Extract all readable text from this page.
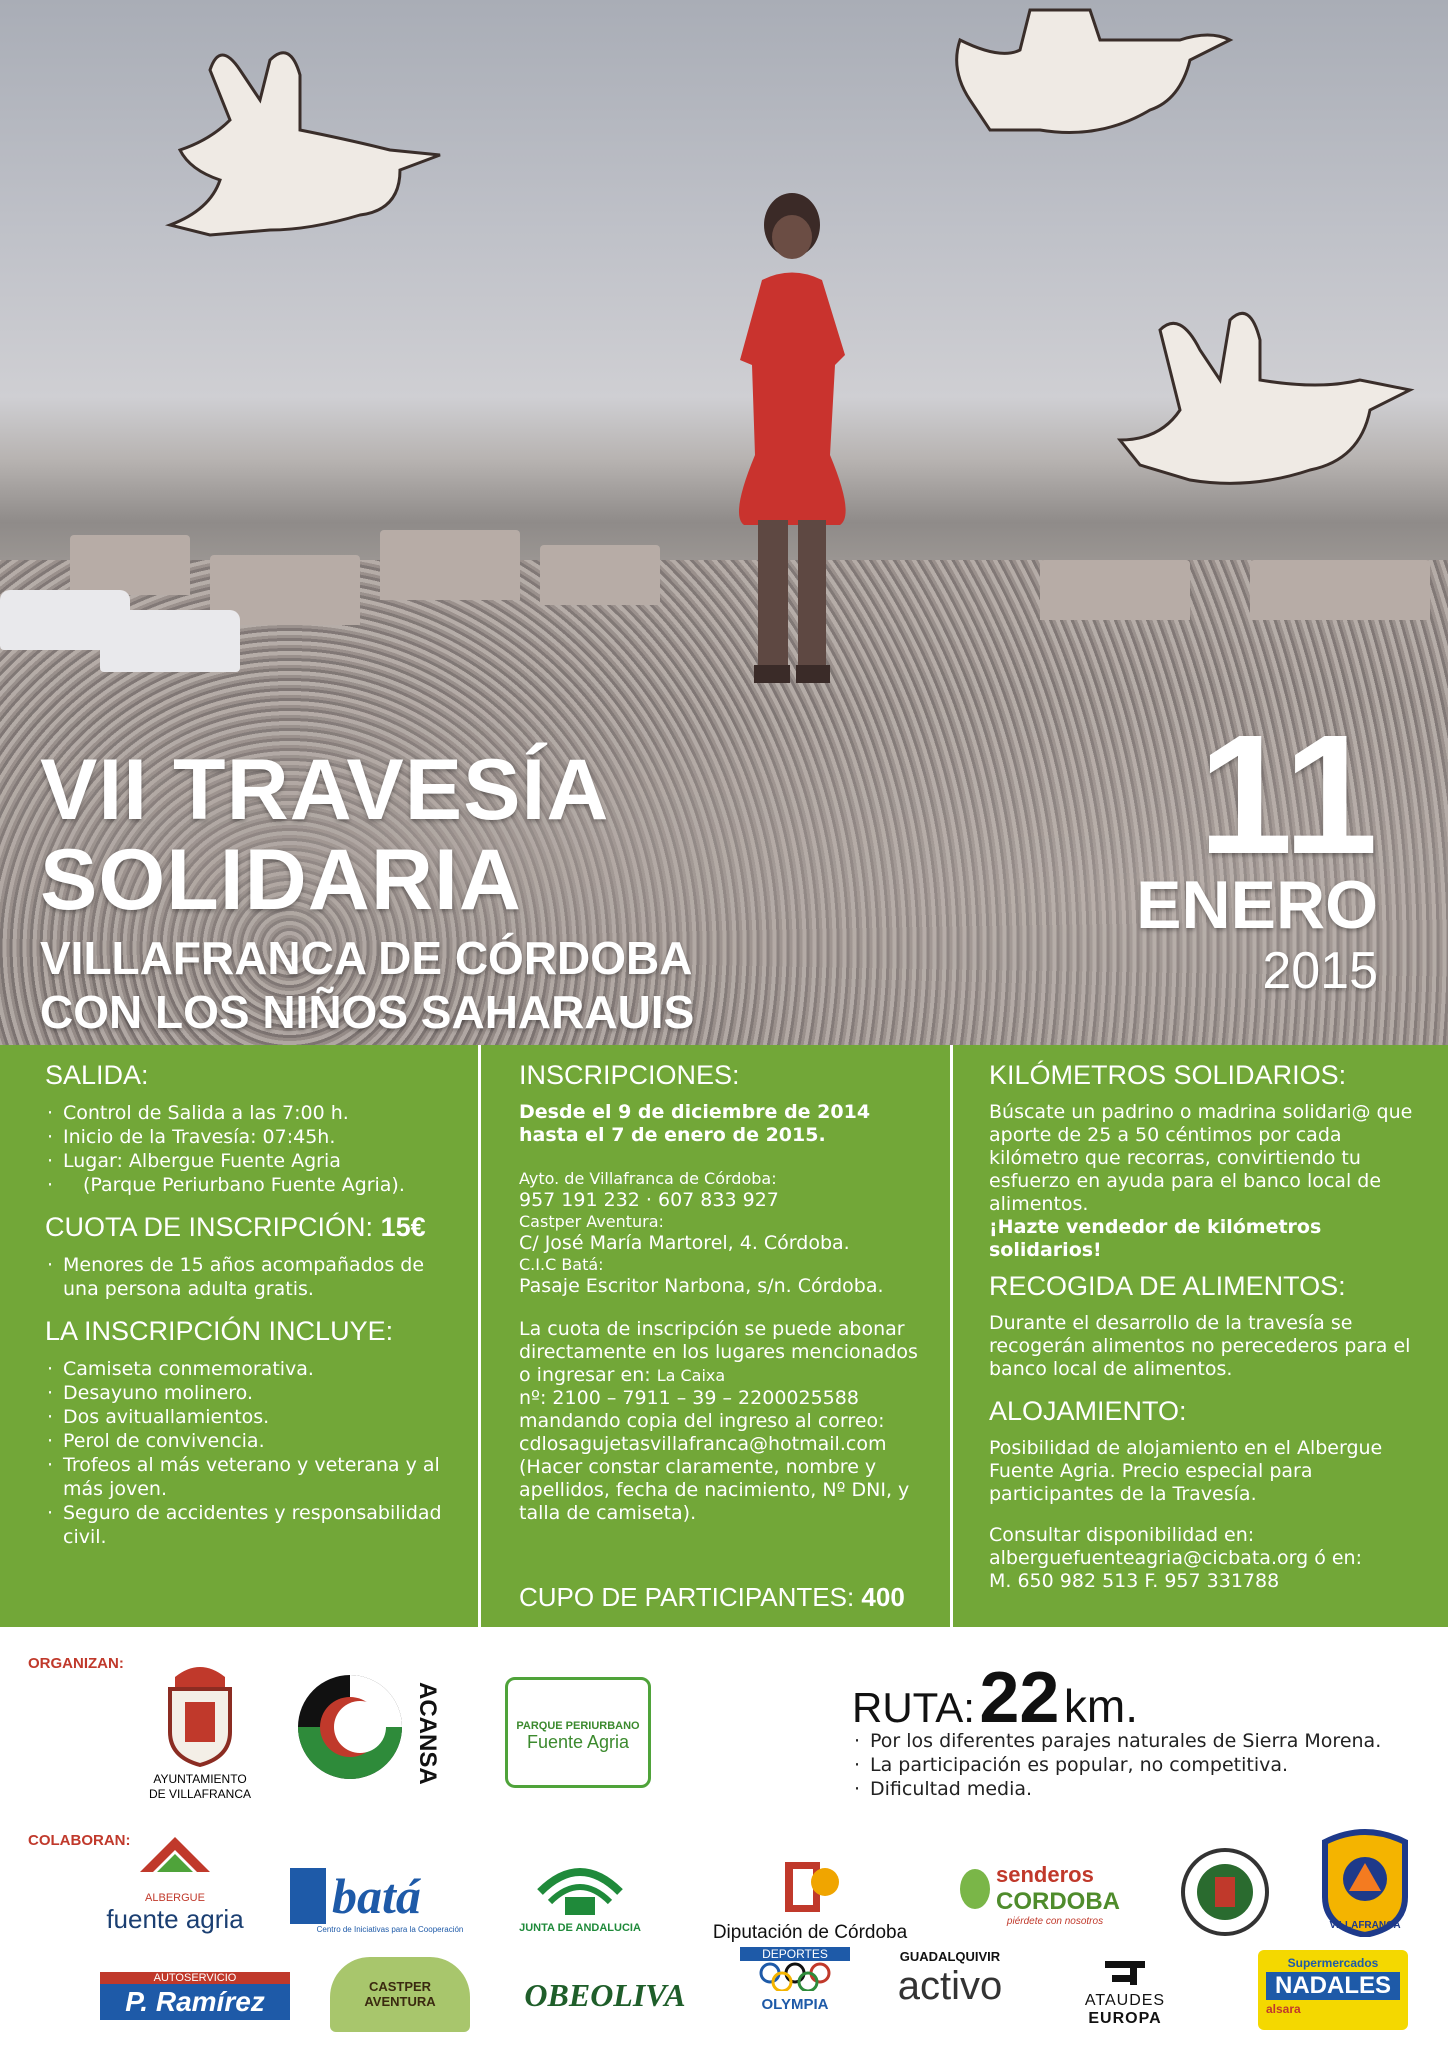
VII TRAVESÍA
SOLIDARIA
VILLAFRANCA DE CÓRDOBA
CON LOS NIÑOS SAHARAUIS
11
ENERO
2015
SALIDA:
· Control de Salida a las 7:00 h.
· Inicio de la Travesía: 07:45h.
· Lugar: Albergue Fuente Agria
· (Parque Periurbano Fuente Agria).
CUOTA DE INSCRIPCIÓN: 15€
· Menores de 15 años acompañados de una persona adulta gratis.
LA INSCRIPCIÓN INCLUYE:
· Camiseta conmemorativa.
· Desayuno molinero.
· Dos avituallamientos.
· Perol de convivencia.
· Trofeos al más veterano y veterana y al más joven.
· Seguro de accidentes y responsabilidad civil.
INSCRIPCIONES:
Desde el 9 de diciembre de 2014 hasta el 7 de enero de 2015.
Ayto. de Villafranca de Córdoba:
957 191 232 · 607 833 927
Castper Aventura:
C/ José María Martorel, 4. Córdoba.
C.I.C Batá:
Pasaje Escritor Narbona, s/n. Córdoba.
La cuota de inscripción se puede abonar directamente en los lugares mencionados o ingresar en: La Caixa
nº: 2100 – 7911 – 39 – 2200025588
mandando copia del ingreso al correo:
cdlosagujetasvillafranca@hotmail.com
(Hacer constar claramente, nombre y apellidos, fecha de nacimiento, Nº DNI, y talla de camiseta).
CUPO DE PARTICIPANTES: 400
KILÓMETROS SOLIDARIOS:
Búscate un padrino o madrina solidari@ que aporte de 25 a 50 céntimos por cada kilómetro que recorras, convirtiendo tu esfuerzo en ayuda para el banco local de alimentos.
¡Hazte vendedor de kilómetros solidarios!
RECOGIDA DE ALIMENTOS:
Durante el desarrollo de la travesía se recogerán alimentos no perecederos para el banco local de alimentos.
ALOJAMIENTO:
Posibilidad de alojamiento en el Albergue Fuente Agria. Precio especial para participantes de la Travesía.
Consultar disponibilidad en:
alberguefuenteagria@cicbata.org ó en:
M. 650 982 513 F. 957 331788
ORGANIZAN:
AYUNTAMIENTO
DE VILLAFRANCA
ACANSA	PARQUE PERIURBANO
Fuente Agria
RUTA: 22 km.
· Por los diferentes parajes naturales de Sierra Morena.
· La participación es popular, no competitiva.
· Dificultad media.
COLABORAN:
ALBERGUE
fuente agria batá
Centro de Iniciativas para la Cooperación	JUNTA DE ANDALUCIA	Diputación de Córdoba
senderos
CORDOBA
piérdete con nosotros	VILLAFRANCA
AUTOSERVICIO
P. Ramírez	CASTPER
AVENTURA	OBEOLIVA
DEPORTES
OLYMPIA
GUADALQUIVIR
activo	ATAUDES EUROPA
Supermercados
NADALES
alsara
